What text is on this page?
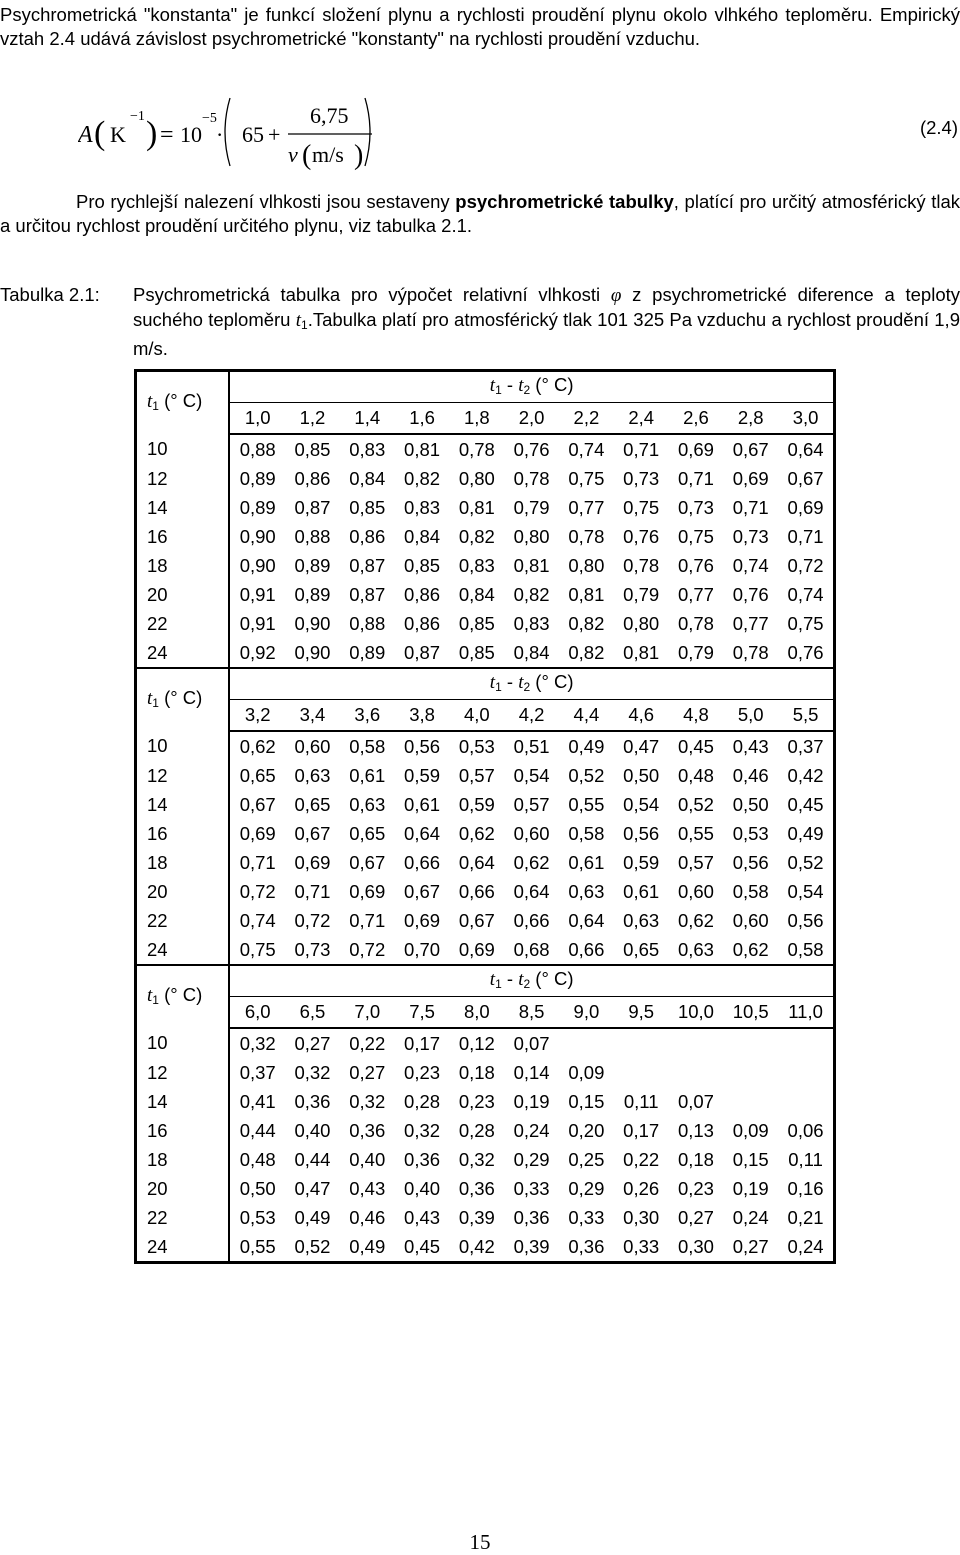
Psychrometrická "konstanta" je funkcí složení plynu a rychlosti proudění plynu okolo vlhkého teploměru. Empirický vztah 2.4 udává závislost psychrometrické "konstanty" na rychlosti proudění vzduchu.
A ( K
−1 ) = 10
−5
· 65 +
6,75
v ( m/s )
(2.4)
Pro rychlejší nalezení vlhkosti jsou sestaveny psychrometrické tabulky, platící pro určitý atmosférický tlak a určitou rychlost proudění určitého plynu, viz tabulka 2.1.
Tabulka 2.1: Psychrometrická tabulka pro výpočet relativní vlhkosti φ z psychrometrické diference a teploty suchého teploměru $t_1.Tabulka$ platí pro atmosférický tlak 101 325 Pa vzduchu a rychlost proudění 1,9 m/s.
$t_1$ (° C)	$t_1 - t_2$ (° C)										
	1,0	1,2	1,4	1,6	1,8	2,0	2,2	2,4	2,6	2,8	3,0
10	0,88	0,85	0,83	0,81	0,78	0,76	0,74	0,71	0,69	0,67	0,64
12	0,89	0,86	0,84	0,82	0,80	0,78	0,75	0,73	0,71	0,69	0,67
14	0,89	0,87	0,85	0,83	0,81	0,79	0,77	0,75	0,73	0,71	0,69
16	0,90	0,88	0,86	0,84	0,82	0,80	0,78	0,76	0,75	0,73	0,71
18	0,90	0,89	0,87	0,85	0,83	0,81	0,80	0,78	0,76	0,74	0,72
20	0,91	0,89	0,87	0,86	0,84	0,82	0,81	0,79	0,77	0,76	0,74
22	0,91	0,90	0,88	0,86	0,85	0,83	0,82	0,80	0,78	0,77	0,75
24	0,92	0,90	0,89	0,87	0,85	0,84	0,82	0,81	0,79	0,78	0,76
$t_1$ (° C)	$t_1 - t_2$ (° C)										
	3,2	3,4	3,6	3,8	4,0	4,2	4,4	4,6	4,8	5,0	5,5
10	0,62	0,60	0,58	0,56	0,53	0,51	0,49	0,47	0,45	0,43	0,37
12	0,65	0,63	0,61	0,59	0,57	0,54	0,52	0,50	0,48	0,46	0,42
14	0,67	0,65	0,63	0,61	0,59	0,57	0,55	0,54	0,52	0,50	0,45
16	0,69	0,67	0,65	0,64	0,62	0,60	0,58	0,56	0,55	0,53	0,49
18	0,71	0,69	0,67	0,66	0,64	0,62	0,61	0,59	0,57	0,56	0,52
20	0,72	0,71	0,69	0,67	0,66	0,64	0,63	0,61	0,60	0,58	0,54
22	0,74	0,72	0,71	0,69	0,67	0,66	0,64	0,63	0,62	0,60	0,56
24	0,75	0,73	0,72	0,70	0,69	0,68	0,66	0,65	0,63	0,62	0,58
$t_1$ (° C)	$t_1 - t_2$ (° C)										
	6,0	6,5	7,0	7,5	8,0	8,5	9,0	9,5	10,0	10,5	11,0
10	0,32	0,27	0,22	0,17	0,12	0,07					
12	0,37	0,32	0,27	0,23	0,18	0,14	0,09				
14	0,41	0,36	0,32	0,28	0,23	0,19	0,15	0,11	0,07		
16	0,44	0,40	0,36	0,32	0,28	0,24	0,20	0,17	0,13	0,09	0,06
18	0,48	0,44	0,40	0,36	0,32	0,29	0,25	0,22	0,18	0,15	0,11
20	0,50	0,47	0,43	0,40	0,36	0,33	0,29	0,26	0,23	0,19	0,16
22	0,53	0,49	0,46	0,43	0,39	0,36	0,33	0,30	0,27	0,24	0,21
24	0,55	0,52	0,49	0,45	0,42	0,39	0,36	0,33	0,30	0,27	0,24
15
